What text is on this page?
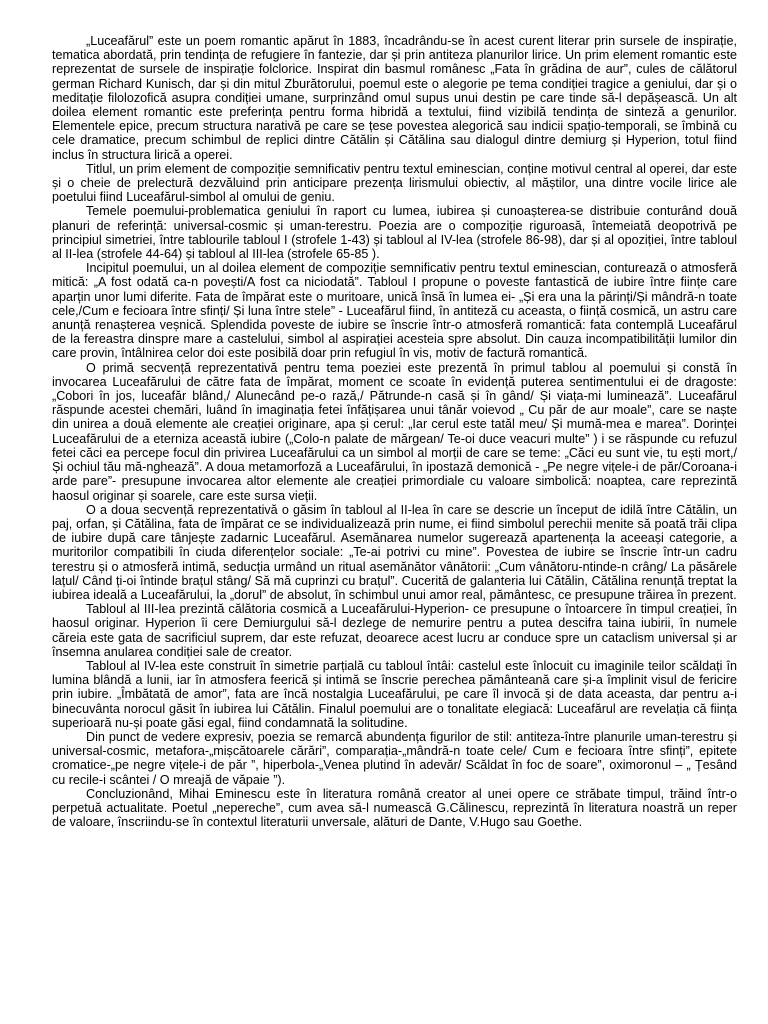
„Luceafărul” este un poem romantic apărut în 1883, încadrându-se în acest curent literar prin sursele de inspirație, tematica abordată, prin tendința de refugiere în fantezie, dar și prin antiteza planurilor lirice. Un prim element romantic este reprezentat de sursele de inspirație folclorice. Inspirat din basmul românesc „Fata în grădina de aur”, cules de călătorul german Richard Kunisch, dar și din mitul Zburătorului, poemul este o alegorie pe tema condiției tragice a geniului, dar și o meditație filolozofică asupra condiției umane, surprinzând omul supus unui destin pe care tinde să-l depășească. Un alt doilea element romantic este preferința pentru forma hibridă a textului, fiind vizibilă tendința de sinteză a genurilor. Elementele epice, precum structura narativă pe care se țese povestea alegorică sau indicii spațio-temporali, se îmbină cu cele dramatice, precum schimbul de replici dintre Cătălin și Cătălina sau dialogul dintre demiurg și Hyperion, totul fiind inclus în structura lirică a operei.

Titlul, un prim element de compoziție semnificativ pentru textul eminescian, conține motivul central al operei, dar este și o cheie de prelectură dezvăluind prin anticipare prezența lirismului obiectiv, al măștilor, una dintre vocile lirice ale poetului fiind Luceafărul-simbol al omului de geniu.

Temele poemului-problematica geniului în raport cu lumea, iubirea și cunoașterea-se distribuie conturând două planuri de referință: universal-cosmic și uman-terestru. Poezia are o compoziție riguroasă, întemeiată deopotrivă pe principiul simetriei, între tablourile tabloul I (strofele 1-43) și tabloul al IV-lea (strofele 86-98), dar și al opoziției, între tabloul al II-lea (strofele 44-64) și tabloul al III-lea (strofele 65-85 ).

Incipitul poemului, un al doilea element de compoziție semnificativ pentru textul eminescian, conturează o atmosferă mitică: „A fost odată ca-n povești/A fost ca niciodată”. Tabloul I propune o poveste fantastică de iubire între ființe care aparțin unor lumi diferite. Fata de împărat este o muritoare, unică însă în lumea ei- „Și era una la părinți/Și mândră-n toate cele,/Cum e fecioara între sfinți/ Și luna între stele” - Luceafărul fiind, în antiteză cu aceasta, o ființă cosmică, un astru care anunță renașterea veșnică. Splendida poveste de iubire se înscrie într-o atmosferă romantică: fata contemplă Luceafărul de la fereastra dinspre mare a castelului, simbol al aspirației acesteia spre absolut. Din cauza incompatibilității lumilor din care provin, întâlnirea celor doi este posibilă doar prin refugiul în vis, motiv de factură romantică.

O primă secvență reprezentativă pentru tema poeziei este prezentă în primul tablou al poemului și constă în invocarea Luceafărului de către fata de împărat, moment ce scoate în evidență puterea sentimentului ei de dragoste: „Cobori în jos, luceafăr blând,/ Alunecând pe-o rază,/ Pătrunde-n casă și în gând/ Și viața-mi luminează”. Luceafărul răspunde acestei chemări, luând în imaginația fetei înfățișarea unui tânăr voievod „ Cu păr de aur moale”, care se naște din unirea a două elemente ale creației originare, apa și cerul: „Iar cerul este tatăl meu/ Și mumă-mea e marea”. Dorinței Luceafărului de a eterniza această iubire („Colo-n palate de mărgean/ Te-oi duce veacuri multe” ) i se răspunde cu refuzul fetei căci ea percepe focul din privirea Luceafărului ca un simbol al morții de care se teme: „Căci eu sunt vie, tu ești mort,/ Și ochiul tău mă-nghează”. A doua metamorfoză a Luceafărului, în ipostază demonică - „Pe negre vițele-i de păr/Coroana-i arde pare”- presupune invocarea altor elemente ale creației primordiale cu valoare simbolică: noaptea, care reprezintă haosul originar și soarele, care este sursa vieții.

O a doua secvență reprezentativă o găsim în tabloul al II-lea în care se descrie un început de idilă între Cătălin, un paj, orfan, și Cătălina, fata de împărat ce se individualizează prin nume, ei fiind simbolul perechii menite să poată trăi clipa de iubire după care tânjește zadarnic Luceafărul. Asemănarea numelor sugerează apartenența la aceeași categorie, a muritorilor compatibili în ciuda diferențelor sociale: „Te-ai potrivi cu mine”. Povestea de iubire se înscrie într-un cadru terestru și o atmosferă intimă, seducția urmând un ritual asemănător vânătorii: „Cum vânătoru-ntinde-n crâng/ La păsărele lațul/ Când ți-oi întinde brațul stâng/ Să mă cuprinzi cu brațul”. Cucerită de galanteria lui Cătălin, Cătălina renunță treptat la iubirea ideală a Luceafărului, la „dorul” de absolut, în schimbul unui amor real, pământesc, ce presupune trăirea în prezent.

Tabloul al III-lea prezintă călătoria cosmică a Luceafărului-Hyperion- ce presupune o întoarcere în timpul creației, în haosul originar. Hyperion îi cere Demiurgului să-l dezlege de nemurire pentru a putea descifra taina iubirii, în numele căreia este gata de sacrificiul suprem, dar este refuzat, deoarece acest lucru ar conduce spre un cataclism universal și ar însemna anularea condiției sale de creator.

Tabloul al IV-lea este construit în simetrie parțială cu tabloul întâi: castelul este înlocuit cu imaginile teilor scăldați în lumina blândă a lunii, iar în atmosfera feerică și intimă se înscrie perechea pământeană care și-a împlinit visul de fericire prin iubire. „Îmbătată de amor”, fata are încă nostalgia Luceafărului, pe care îl invocă și de data aceasta, dar pentru a-i binecuvânta norocul găsit în iubirea lui Cătălin. Finalul poemului are o tonalitate elegiacă: Luceafărul are revelația că ființa superioară nu-și poate găsi egal, fiind condamnată la solitudine.

Din punct de vedere expresiv, poezia se remarcă abundența figurilor de stil: antiteza-între planurile uman-terestru și universal-cosmic, metafora-„mișcătoarele cărări”, comparația-„mândră-n toate cele/ Cum e fecioara între sfinți”, epitete cromatice-„pe negre vițele-i de păr ”, hiperbola-„Venea plutind în adevăr/ Scăldat în foc de soare”, oximoronul – „ Țesând cu recile-i scântei / O mreajă de văpaie ”).

Concluzionând, Mihai Eminescu este în literatura română creator al unei opere ce străbate timpul, trăind într-o perpetuă actualitate. Poetul „nepereche”, cum avea să-l numească G.Călinescu, reprezintă în literatura noastră un reper de valoare, înscriindu-se în contextul literaturii unversale, alături de Dante, V.Hugo sau Goethe.
